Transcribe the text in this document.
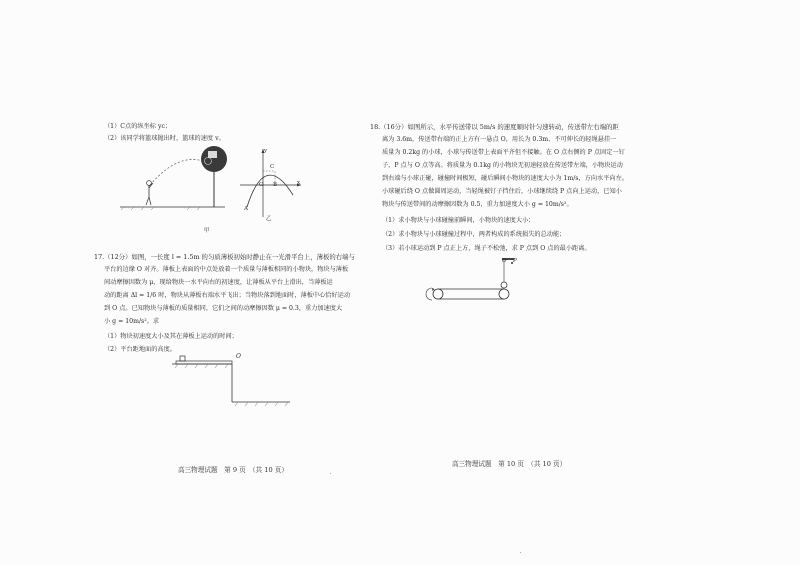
（1）C点的纵坐标 yc；
（2）该同学将篮球抛出时，篮球的速度 v。
甲
y
x
O
C
B
A
乙
17.（12分）如图，一长度 l = 1.5m 的匀质薄板初始时静止在一光滑平台上，薄板的右端与
平台的边缘 O 对齐。薄板上表面的中点处放着一个质量与薄板相同的小物块，物块与薄板
间动摩擦因数为 μ，现给物块一水平向右的初速度，让薄板从平台上滑出，当薄板运
动的距离 Δl = 1/6 时，物块从薄板右端水平飞出；当物块落到地面时，薄板中心恰好运动
到 O 点。已知物块与薄板的质量相同，它们之间的动摩擦因数 μ = 0.3，重力加速度大
小 g = 10m/s²。求
（1）物块初速度大小及其在薄板上运动的时间；
（2）平台距地面的高度。
O
高三物理试题　第 9 页　（共 10 页）
18.（16分）如图所示，水平传送带以 5m/s 的速度顺时针匀速转动，传送带左右端的距
离为 3.6m，传送带右端的正上方有一悬点 O，用长为 0.3m、不可伸长的轻绳悬挂一
质量为 0.2kg 的小球，小球与传送带上表面平齐但不接触。在 O 点右侧的 P 点固定一钉
子，P 点与 O 点等高。将质量为 0.1kg 的小物块无初速轻放在传送带左端，小物块运动
到右端与小球正碰，碰撞时间极短，碰后瞬间小物块的速度大小为 1m/s，方向水平向左。
小球碰后绕 O 点做圆周运动，当轻绳被钉子挡住后，小球继续绕 P 点向上运动，已知小
物块与传送带间的动摩擦因数为 0.5，重力加速度大小 g = 10m/s²。
（1）求小物块与小球碰撞前瞬间，小物块的速度大小；
（2）求小物块与小球碰撞过程中，两者构成的系统损失的总动能；
（3）若小球运动到 P 点正上方，绳子不松弛，求 P 点到 O 点的最小距离。
O P
高三物理试题　第 10 页　（共 10 页）
